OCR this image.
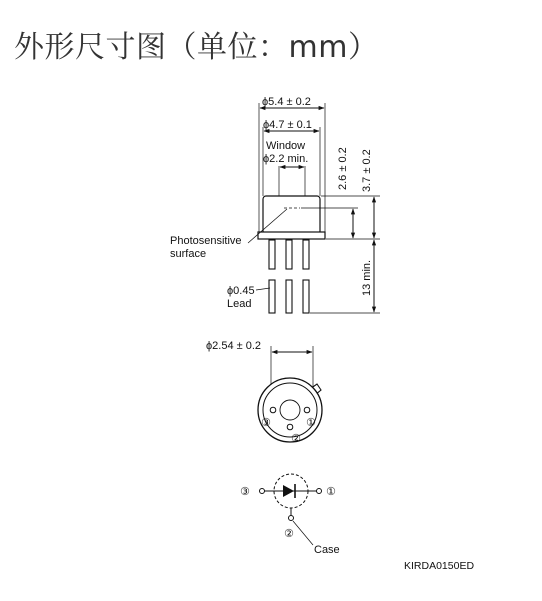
外形尺寸图（单位：mm）
ϕ5.4 ± 0.2
ϕ4.7 ± 0.1
Window
ϕ2.2 min.	2.6 ± 0.2 3.7 ± 0.2
13 min.
Photosensitive
surface
ϕ0.45
Lead
ϕ2.54 ± 0.2
③	①
②
③	①
②
Case
KIRDA0150ED
